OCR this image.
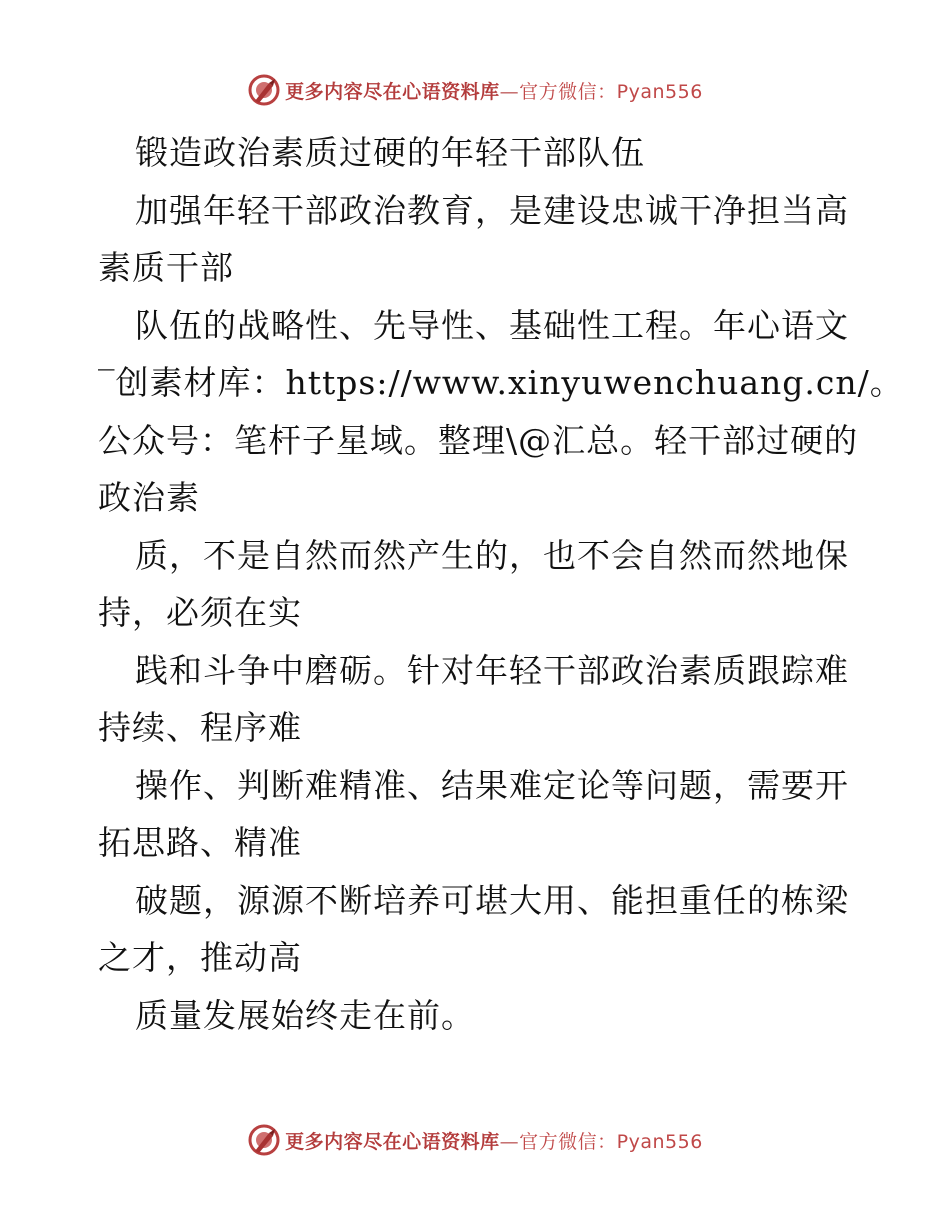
更多内容尽在心语资料库—官方微信：Pyan556
锻造政治素质过硬的年轻干部队伍
加强年轻干部政治教育，是建设忠诚干净担当高
素质干部
队伍的战略性、先导性、基础性工程。年心语文
‾创素材库：https://www.xinyuwenchuang.cn/。
公众号：笔杆子星域。整理\@汇总。轻干部过硬的
政治素
质，不是自然而然产生的，也不会自然而然地保
持，必须在实
践和斗争中磨砺。针对年轻干部政治素质跟踪难
持续、程序难
操作、判断难精准、结果难定论等问题，需要开
拓思路、精准
破题，源源不断培养可堪大用、能担重任的栋梁
之才，推动高
质量发展始终走在前。
更多内容尽在心语资料库—官方微信：Pyan556
